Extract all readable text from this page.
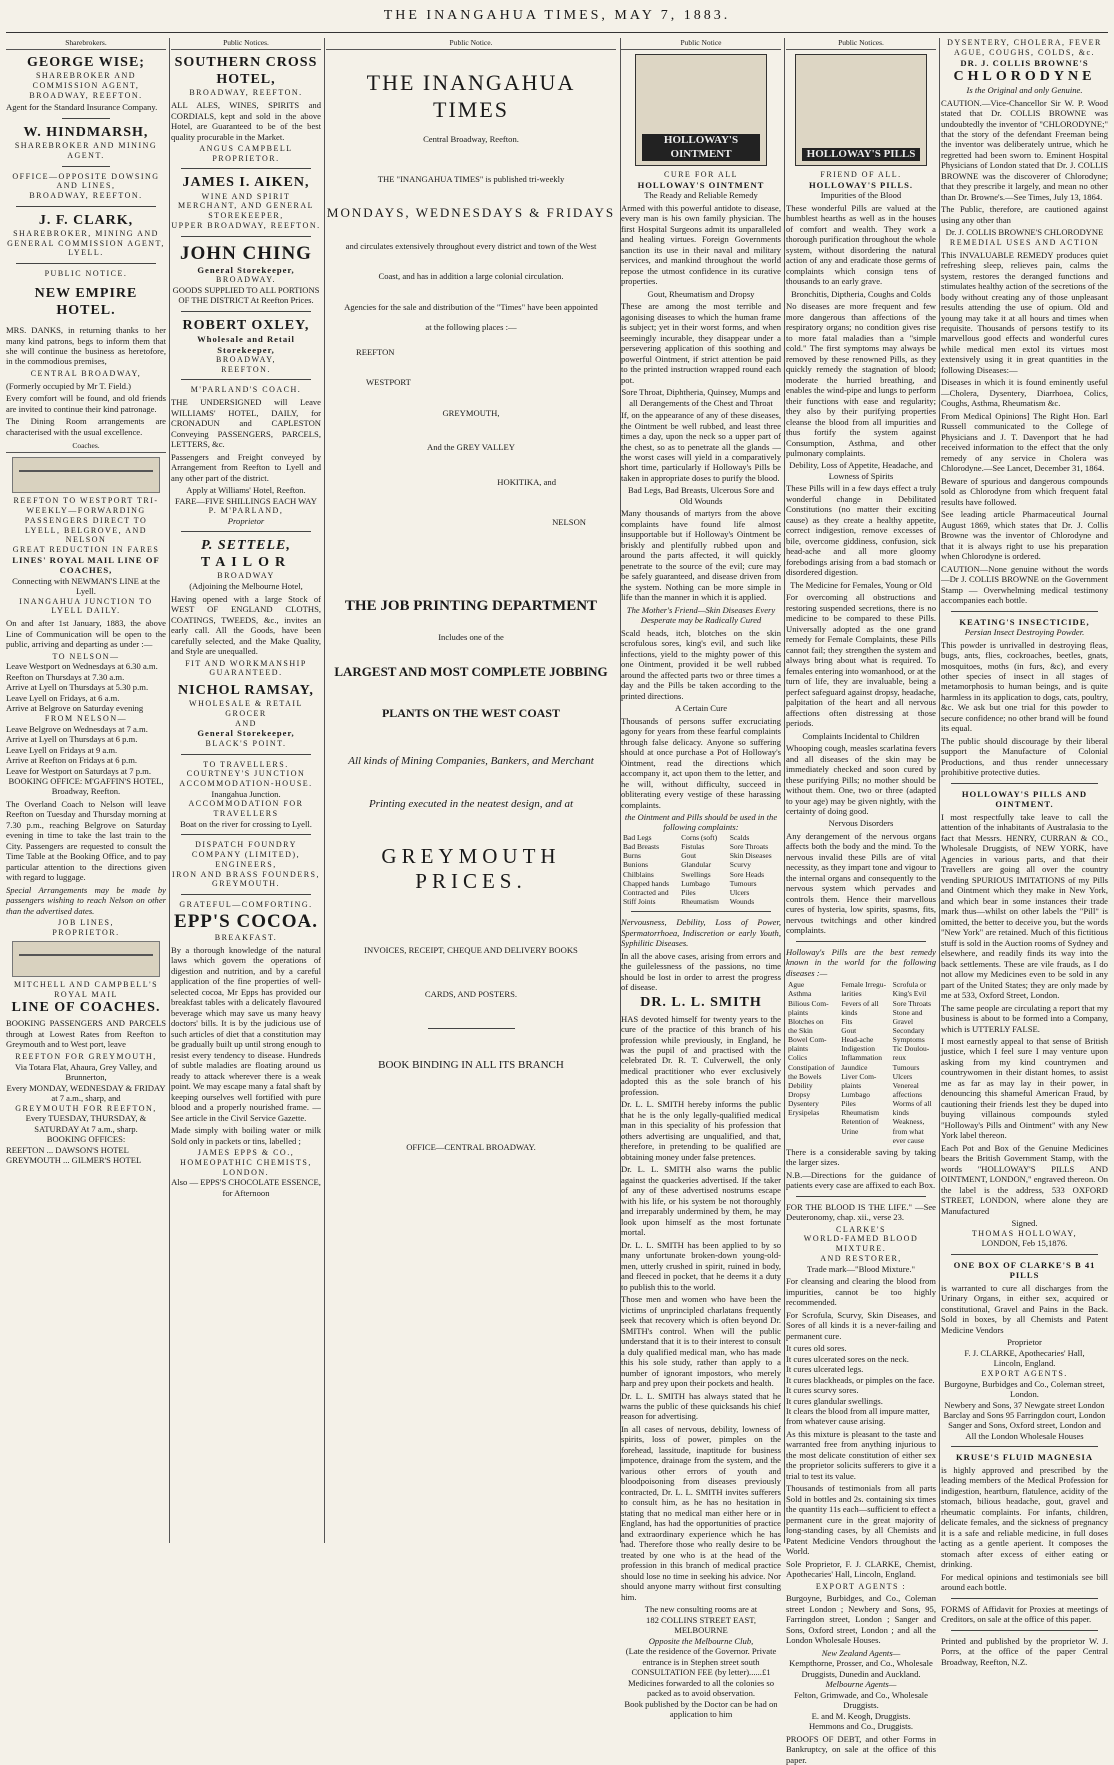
THE INANGAHUA TIMES, MAY 7, 1883.
Sharebrokers.
GEORGE WISE;
SHAREBROKER AND COMMISSION AGENT,
BROADWAY, REEFTON.

Agent for the Standard Insurance Company.

W. HINDMARSH,
SHAREBROKER AND MINING AGENT.
OFFICE—OPPOSITE DOWSING AND LINES,
BROADWAY, REEFTON.
J. F. CLARK,
SHAREBROKER, MINING AND GENERAL COMMISSION AGENT,
LYELL.
PUBLIC NOTICE.
NEW EMPIRE HOTEL.

MRS. DANKS, in returning thanks to her many kind patrons, begs to inform them that she will continue the business as heretofore, in the commodious premises,

CENTRAL BROADWAY,

(Formerly occupied by Mr T. Field.)

Every comfort will be found, and old friends are invited to continue their kind patronage.

The Dining Room arrangements are characterised with the usual excellence.

Coaches.
REEFTON TO WESTPORT TRI-WEEKLY—FORWARDING PASSENGERS DIRECT TO
LYELL, BELGROVE, AND NELSON
GREAT REDUCTION IN FARES
LINES' ROYAL MAIL LINE OF COACHES,
Connecting with NEWMAN'S LINE at the Lyell.
INANGAHUA JUNCTION TO LYELL DAILY.

On and after 1st January, 1883, the above Line of Communication will be open to the public, arriving and departing as under :—

TO NELSON—
Leave Westport on Wednesdays at 6.30 a.m.
Reefton on Thursdays at 7.30 a.m.
Arrive at Lyell on Thursdays at 5.30 p.m.
Leave Lyell on Fridays, at 6 a.m.
Arrive at Belgrove on Saturday evening
FROM NELSON—
Leave Belgrove on Wednesdays at 7 a.m.
Arrive at Lyell on Thursdays at 6 p.m.
Leave Lyell on Fridays at 9 a.m.
Arrive at Reefton on Fridays at 6 p.m.
Leave for Westport on Saturdays at 7 p.m.
BOOKING OFFICE: M'GAFFIN'S HOTEL, Broadway, Reefton.

The Overland Coach to Nelson will leave Reefton on Tuesday and Thursday morning at 7.30 p.m., reaching Belgrove on Saturday evening in time to take the last train to the City. Passengers are requested to consult the Time Table at the Booking Office, and to pay particular attention to the directions given with regard to luggage.

Special Arrangements may be made by passengers wishing to reach Nelson on other than the advertised dates.

JOB LINES,
PROPRIETOR.
MITCHELL AND CAMPBELL'S
ROYAL MAIL
LINE OF COACHES.

BOOKING PASSENGERS AND PARCELS through at Lowest Rates from Reefton to Greymouth and to West port, leave

REEFTON FOR GREYMOUTH,
Via Totara Flat, Ahaura, Grey Valley, and Brunnerton,
Every MONDAY, WEDNESDAY & FRIDAY at 7 a.m., sharp, and
GREYMOUTH FOR REEFTON,
Every TUESDAY, THURSDAY, & SATURDAY At 7 a.m., sharp.
BOOKING OFFICES:
REEFTON ... DAWSON'S HOTEL
GREYMOUTH ... GILMER'S HOTEL
Public Notices.
SOUTHERN CROSS HOTEL,
BROADWAY, REEFTON.

ALL ALES, WINES, SPIRITS and CORDIALS, kept and sold in the above Hotel, are Guaranteed to be of the best quality procurable in the Market.

ANGUS CAMPBELL
PROPRIETOR.
JAMES I. AIKEN,
WINE AND SPIRIT MERCHANT, AND GENERAL STOREKEEPER,
UPPER BROADWAY, REEFTON.
JOHN CHING
General Storekeeper,
BROADWAY.
GOODS SUPPLIED TO ALL PORTIONS OF THE DISTRICT At Reefton Prices.
ROBERT OXLEY,
Wholesale and Retail Storekeeper,
BROADWAY,
REEFTON.
M'PARLAND'S COACH.

THE UNDERSIGNED will Leave WILLIAMS' HOTEL, DAILY, for CRONADUN and CAPLESTON Conveying PASSENGERS, PARCELS, LETTERS, &c.

Passengers and Freight conveyed by Arrangement from Reefton to Lyell and any other part of the district.

Apply at Williams' Hotel, Reefton.
FARE—FIVE SHILLINGS EACH WAY
P. M'PARLAND,
Proprietor
P. SETTELE,
TAILOR
BROADWAY
(Adjoining the Melbourne Hotel,

Having opened with a large Stock of WEST OF ENGLAND CLOTHS, COATINGS, TWEEDS, &c., invites an early call. All the Goods, have been carefully selected, and the Make Quality, and Style are unequalled.

FIT AND WORKMANSHIP GUARANTEED.
NICHOL RAMSAY,
WHOLESALE & RETAIL GROCER
AND
General Storekeeper,
BLACK'S POINT.
TO TRAVELLERS.
COURTNEY'S JUNCTION ACCOMMODATION-HOUSE.
Inangahua Junction.
ACCOMMODATION FOR TRAVELLERS
Boat on the river for crossing to Lyell.
DISPATCH FOUNDRY COMPANY (LIMITED),
ENGINEERS,
IRON AND BRASS FOUNDERS,
GREYMOUTH.
GRATEFUL—COMFORTING.
EPP'S COCOA.
BREAKFAST.

By a thorough knowledge of the natural laws which govern the operations of digestion and nutrition, and by a careful application of the fine properties of well-selected cocoa, Mr Epps has provided our breakfast tables with a delicately flavoured beverage which may save us many heavy doctors' bills. It is by the judicious use of such articles of diet that a constitution may be gradually built up until strong enough to resist every tendency to disease. Hundreds of subtle maladies are floating around us ready to attack wherever there is a weak point. We may escape many a fatal shaft by keeping ourselves well fortified with pure blood and a properly nourished frame. — See article in the Civil Service Gazette.

Made simply with boiling water or milk Sold only in packets or tins, labelled ;

JAMES EPPS & CO.,
HOMEOPATHIC CHEMISTS,
LONDON.
Also — EPPS'S CHOCOLATE ESSENCE, for Afternoon
Public Notice.
THE INANGAHUA TIMES
Central Broadway, Reefton.
THE "INANGAHUA TIMES" is published tri-weekly
MONDAYS, WEDNESDAYS & FRIDAYS
and circulates extensively throughout every district and town of the West
Coast, and has in addition a large colonial circulation.
Agencies for the sale and distribution of the "Times" have been appointed
at the following places :—
REEFTON
WESTPORT
GREYMOUTH,
And the GREY VALLEY
HOKITIKA, and
NELSON
THE JOB PRINTING DEPARTMENT
Includes one of the
LARGEST AND MOST COMPLETE JOBBING
PLANTS ON THE WEST COAST
All kinds of Mining Companies, Bankers, and Merchant
Printing executed in the neatest design, and at
GREYMOUTH PRICES.
INVOICES, RECEIPT, CHEQUE AND DELIVERY BOOKS
CARDS, AND POSTERS.
BOOK BINDING IN ALL ITS BRANCH
OFFICE—CENTRAL BROADWAY.
Public Notice
HOLLOWAY'S OINTMENT
CURE FOR ALL
HOLLOWAY'S OINTMENT
The Ready and Reliable Remedy

Armed with this powerful antidote to disease, every man is his own family physician. The first Hospital Surgeons admit its unparalleled and healing virtues. Foreign Governments sanction its use in their naval and military services, and mankind throughout the world repose the utmost confidence in its curative properties.

Gout, Rheumatism and Dropsy

These are among the most terrible and agonising diseases to which the human frame is subject; yet in their worst forms, and when seemingly incurable, they disappear under a persevering application of this soothing and powerful Ointment, if strict attention be paid to the printed instruction wrapped round each pot.

Sore Throat, Diphtheria, Quinsey, Mumps and all Derangements of the Chest and Throat

If, on the appearance of any of these diseases, the Ointment be well rubbed, and least three times a day, upon the neck so a upper part of the chest, so as to penetrate all the glands — the worst cases will yield in a comparatively short time, particularly if Holloway's Pills be taken in appropriate doses to purify the blood.

Bad Legs, Bad Breasts, Ulcerous Sore and Old Wounds

Many thousands of martyrs from the above complaints have found life almost insupportable but if Holloway's Ointment be briskly and plentifully rubbed upon and around the parts affected, it will quickly penetrate to the source of the evil; cure may be safely guaranteed, and disease driven from the system. Nothing can be more simple in life than the manner in which it is applied.

The Mother's Friend—Skin Diseases Every Desperate may be Radically Cured

Scald heads, itch, blotches on the skin scrofulous sores, king's evil, and such like infections, yield to the mighty power of this one Ointment, provided it be well rubbed around the affected parts two or three times a day and the Pills be taken according to the printed directions.

A Certain Cure

Thousands of persons suffer excruciating agony for years from these fearful complaints through false delicacy. Anyone so suffering should at once purchase a Pot of Holloway's Ointment, read the directions which accompany it, act upon them to the letter, and he will, without difficulty, succeed in obliterating every vestige of these harassing complaints.

the Ointment and Pills should be used in the following complaints:
Bad Legs	Corns (soft)	Scalds
Bad Breasts	Fistulas	Sore Throats
Burns	Gout	Skin Diseases
Bunions	Glandular	Scurvy
Chilblains	Swellings	Sore Heads
Chapped hands	Lumbago	Tumours
Contracted and	Piles	Ulcers
Stiff Joints	Rheumatism	Wounds

Nervousness, Debility, Loss of Power, Spermatorrhoea, Indiscretion or early Youth, Syphilitic Diseases.

In all the above cases, arising from errors and the guilelessness of the passions, no time should be lost in order to arrest the progress of disease.

DR. L. L. SMITH

HAS devoted himself for twenty years to the cure of the practice of this branch of his profession while previously, in England, he was the pupil of and practised with the celebrated Dr. R. T. Culverwell, the only medical practitioner who ever exclusively adopted this as the sole branch of his profession.

Dr. L. L. SMITH hereby informs the public that he is the only legally-qualified medical man in this speciality of his profession that others advertising are unqualified, and that, therefore, in pretending to be qualified are obtaining money under false pretences.

Dr. L. L. SMITH also warns the public against the quackeries advertised. If the taker of any of these advertised nostrums escape with his life, or his system be not thoroughly and irreparably undermined by them, he may look upon himself as the most fortunate mortal.

Dr. L. L. SMITH has been applied to by so many unfortunate broken-down young-old-men, utterly crushed in spirit, ruined in body, and fleeced in pocket, that he deems it a duty to publish this to the world.

Those men and women who have been the victims of unprincipled charlatans frequently seek that recovery which is often beyond Dr. SMITH's control. When will the public understand that it is to their interest to consult a duly qualified medical man, who has made this his sole study, rather than apply to a number of ignorant impostors, who merely harp and prey upon their pockets and health.

Dr. L. L. SMITH has always stated that he warns the public of these quicksands his chief reason for advertising.

In all cases of nervous, debility, lowness of spirits, loss of power, pimples on the forehead, lassitude, inaptitude for business impotence, drainage from the system, and the various other errors of youth and bloodpoisoning from diseases previously contracted, Dr. L. L. SMITH invites sufferers to consult him, as he has no hesitation in stating that no medical man either here or in England, has had the opportunities of practice and extraordinary experience which he has had. Therefore those who really desire to be treated by one who is at the head of the profession in this branch of medical practice should lose no time in seeking his advice. Nor should anyone marry without first consulting him.

The new consulting rooms are at
182 COLLINS STREET EAST, MELBOURNE
Opposite the Melbourne Club,
(Late the residence of the Governor. Private entrance is in Stephen street south
CONSULTATION FEE (by letter)......£1
Medicines forwarded to all the colonies so packed as to avoid observation.
Book published by the Doctor can be had on application to him
Public Notices.
HOLLOWAY'S PILLS
FRIEND OF ALL.
HOLLOWAY'S PILLS.
Impurities of the Blood

These wonderful Pills are valued at the humblest hearths as well as in the houses of comfort and wealth. They work a thorough purification throughout the whole system, without disordering the natural action of any and eradicate those germs of complaints which consign tens of thousands to an early grave.

Bronchitis, Diptheria, Coughs and Colds

No diseases are more frequent and few more dangerous than affections of the respiratory organs; no condition gives rise to more fatal maladies than a "simple cold." The first symptoms may always be removed by these renowned Pills, as they quickly remedy the stagnation of blood; moderate the hurried breathing, and enables the wind-pipe and lungs to perform their functions with ease and regularity; they also by their purifying properties cleanse the blood from all impurities and thus fortify the system against Consumption, Asthma, and other pulmonary complaints.

Debility, Loss of Appetite, Headache, and Lowness of Spirits

These Pills will in a few days effect a truly wonderful change in Debilitated Constitutions (no matter their exciting cause) as they create a healthy appetite, correct indigestion, remove excesses of bile, overcome giddiness, confusion, sick head-ache and all more gloomy forebodings arising from a bad stomach or disordered digestion.

The Medicine for Females, Young or Old

For overcoming all obstructions and restoring suspended secretions, there is no medicine to be compared to these Pills. Universally adopted as the one grand remedy for Female Complaints, these Pills cannot fail; they strengthen the system and always bring about what is required. To females entering into womanhood, or at the turn of life, they are invaluable, being a perfect safeguard against dropsy, headache, palpitation of the heart and all nervous affections often distressing at those periods.

Complaints Incidental to Children

Whooping cough, measles scarlatina fevers and all diseases of the skin may be immediately checked and soon cured by these purifying Pills; no mother should be without them. One, two or three (adapted to your age) may be given nightly, with the certainty of doing good.

Nervous Disorders

Any derangement of the nervous organs affects both the body and the mind. To the nervous invalid these Pills are of vital necessity, as they impart tone and vigour to the internal organs and consequently to the nervous system which pervades and controls them. Hence their marvellous cures of hysteria, low spirits, spasms, fits, nervous twitchings and other kindred complaints.

Holloway's Pills are the best remedy known in the world for the following diseases :—

Ague	Female Irregu-	Scrofula or
Asthma	larities	King's Evil
Bilious Com-	Fevers of all	Sore Throats
plaints	kinds	Stone and
Blotches on	Fits	Gravel
the Skin	Gout	Secondary
Bowel Com-	Head-ache	Symptoms
plaints	Indigestion	Tic Doulou-
Colics	Inflammation	reux
Constipation of	Jaundice	Tumours
the Bowels	Liver Com-	Ulcers
Debility	plaints	Venereal
Dropsy	Lumbago	affections
Dysentery	Piles	Worms of all
Erysipelas	Rheumatism	kinds
	Retention of	Weakness,
	Urine	from what
		ever cause

There is a considerable saving by taking the larger sizes.

N.B.—Directions for the guidance of patients every case are affixed to each Box.

FOR THE BLOOD IS THE LIFE." —See Deuteronomy, chap. xii., verse 23.

CLARKE'S
WORLD-FAMED BLOOD MIXTURE.
AND RESTORER,
Trade mark—"Blood Mixture."

For cleansing and clearing the blood from impurities, cannot be too highly recommended.

For Scrofula, Scurvy, Skin Diseases, and Sores of all kinds it is a never-failing and permanent cure.

It cures old sores.
It cures ulcerated sores on the neck.
It cures ulcerated legs.
It cures blackheads, or pimples on the face.
It cures scurvy sores.
It cures glandular swellings.
It clears the blood from all impure matter, from whatever cause arising.

As this mixture is pleasant to the taste and warranted free from anything injurious to the most delicate constitution of either sex the proprietor solicits sufferers to give it a trial to test its value.

Thousands of testimonials from all parts Sold in bottles and 2s. containing six times the quantity 11s each—sufficient to effect a permanent cure in the great majority of long-standing cases, by all Chemists and Patent Medicine Vendors throughout the World.

Sole Proprietor, F. J. CLARKE, Chemist, Apothecaries' Hall, Lincoln, England.

EXPORT AGENTS :

Burgoyne, Burbidges, and Co., Coleman street London ; Newbery and Sons, 95, Farringdon street, London ; Sanger and Sons, Oxford street, London ; and all the London Wholesale Houses.

New Zealand Agents—
Kempthorne, Prosser, and Co., Wholesale Druggists, Dunedin and Auckland.
Melbourne Agents—
Felton, Grimwade, and Co., Wholesale Druggists.
E. and M. Keogh, Druggists.
Hemmons and Co., Druggists.

PROOFS OF DEBT, and other Forms in Bankruptcy, on sale at the office of this paper.

DYSENTERY, CHOLERA, FEVER
AGUE, COUGHS, COLDS, &c.
DR. J. COLLIS BROWNE'S
CHLORODYNE
Is the Original and only Genuine.

CAUTION.—Vice-Chancellor Sir W. P. Wood stated that Dr. COLLIS BROWNE was undoubtedly the inventor of "CHLORODYNE;" that the story of the defendant Freeman being the inventor was deliberately untrue, which he regretted had been sworn to. Eminent Hospital Physicians of London stated that Dr. J. COLLIS BROWNE was the discoverer of Chlorodyne; that they prescribe it largely, and mean no other than Dr. Browne's.—See Times, July 13, 1864.

The Public, therefore, are cautioned against using any other than

Dr. J. COLLIS BROWNE'S CHLORODYNE
REMEDIAL USES AND ACTION

This INVALUABLE REMEDY produces quiet refreshing sleep, relieves pain, calms the system, restores the deranged functions and stimulates healthy action of the secretions of the body without creating any of those unpleasant results attending the use of opium. Old and young may take it at all hours and times when requisite. Thousands of persons testify to its marvellous good effects and wonderful cures while medical men extol its virtues most extensively using it in great quantities in the following Diseases:—

Diseases in which it is found eminently useful—Cholera, Dysentery, Diarrhoea, Colics, Coughs, Asthma, Rheumatism &c.

From Medical Opinions] The Right Hon. Earl Russell communicated to the College of Physicians and J. T. Davenport that he had received information to the effect that the only remedy of any service in Cholera was Chlorodyne.—See Lancet, December 31, 1864.

Beware of spurious and dangerous compounds sold as Chlorodyne from which frequent fatal results have followed.

See leading article Pharmaceutical Journal August 1869, which states that Dr. J. Collis Browne was the inventor of Chlorodyne and that it is always right to use his preparation when Chlorodyne is ordered.

CAUTION—None genuine without the words—Dr J. COLLIS BROWNE on the Government Stamp — Overwhelming medical testimony accompanies each bottle.

KEATING'S INSECTICIDE,
Persian Insect Destroying Powder.

This powder is unrivalled in destroying fleas, bugs, ants, flies, cockroaches, beetles, gnats, mosquitoes, moths (in furs, &c), and every other species of insect in all stages of metamorphosis to human beings, and is quite harmless in its application to dogs, cats, poultry, &c. We ask but one trial for this powder to secure confidence; no other brand will be found its equal.

The public should discourage by their liberal support the Manufacture of Colonial Productions, and thus render unnecessary prohibitive protective duties.

HOLLOWAY'S PILLS AND OINTMENT.

I most respectfully take leave to call the attention of the inhabitants of Australasia to the fact that Messrs. HENRY, CURRAN & CO., Wholesale Druggists, of NEW YORK, have Agencies in various parts, and that their Travellers are going all over the country vending SPURIOUS IMITATIONS of my Pills and Ointment which they make in New York, and which bear in some instances their trade mark thus—whilst on other labels the "Pill" is omitted, the better to deceive you, but the words "New York" are retained. Much of this fictitious stuff is sold in the Auction rooms of Sydney and elsewhere, and readily finds its way into the back settlements. These are vile frauds, as I do not allow my Medicines even to be sold in any part of the United States; they are only made by me at 533, Oxford Street, London.

The same people are circulating a report that my business is about to be formed into a Company, which is UTTERLY FALSE.

I most earnestly appeal to that sense of British justice, which I feel sure I may venture upon asking from my kind countrymen and countrywomen in their distant homes, to assist me as far as may lay in their power, in denouncing this shameful American Fraud, by cautioning their friends lest they be duped into buying villainous compounds styled "Holloway's Pills and Ointment" with any New York label thereon.

Each Pot and Box of the Genuine Medicines bears the British Government Stamp, with the words "HOLLOWAY'S PILLS AND OINTMENT, LONDON," engraved thereon. On the label is the address, 533 OXFORD STREET, LONDON, where alone they are Manufactured

Signed.
THOMAS HOLLOWAY,
LONDON, Feb 15,1876.
ONE BOX OF CLARKE'S B 41 PILLS

is warranted to cure all discharges from the Urinary Organs, in either sex, acquired or constitutional, Gravel and Pains in the Back. Sold in boxes, by all Chemists and Patent Medicine Vendors

Proprietor
F. J. CLARKE, Apothecaries' Hall,
Lincoln, England.
EXPORT AGENTS.
Burgoyne, Burbidges and Co., Coleman street, London.
Newbery and Sons, 37 Newgate street London
Barclay and Sons 95 Farringdon court, London
Sanger and Sons, Oxford street, London and
All the London Wholesale Houses
KRUSE'S FLUID MAGNESIA

is highly approved and prescribed by the leading members of the Medical Profession for indigestion, heartburn, flatulence, acidity of the stomach, bilious headache, gout, gravel and rheumatic complaints. For infants, children, delicate females, and the sickness of pregnancy it is a safe and reliable medicine, in full doses acting as a gentle aperient. It composes the stomach after excess of either eating or drinking.

For medical opinions and testimonials see bill around each bottle.

FORMS of Affidavit for Proxies at meetings of Creditors, on sale at the office of this paper.

Printed and published by the proprietor W. J. Porrs, at the office of the paper Central Broadway, Reefton, N.Z.
